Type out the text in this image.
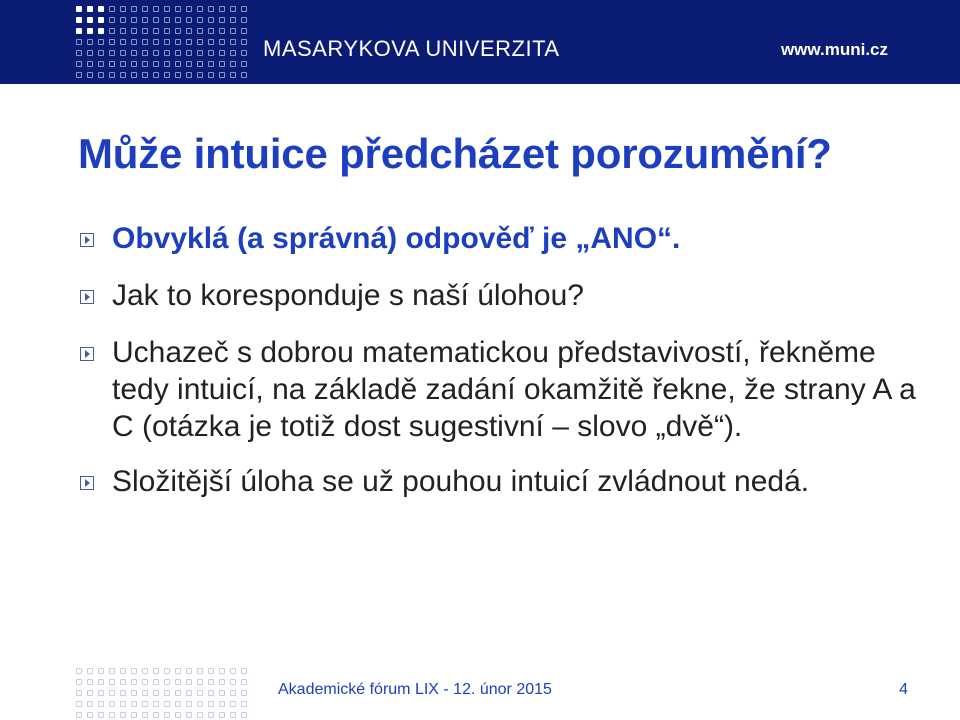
MASARYKOVA UNIVERZITA	www.muni.cz
Může intuice předcházet porozumění?
Obvyklá (a správná) odpověď je „ANO“.
Jak to koresponduje s naší úlohou?
Uchazeč s dobrou matematickou představivostí, řekněme tedy intuicí, na základě zadání okamžitě řekne, že strany A a C (otázka je totiž dost sugestivní – slovo „dvě“).
Složitější úloha se už pouhou intuicí zvládnout nedá.
Akademické fórum LIX - 12. únor 2015	4
